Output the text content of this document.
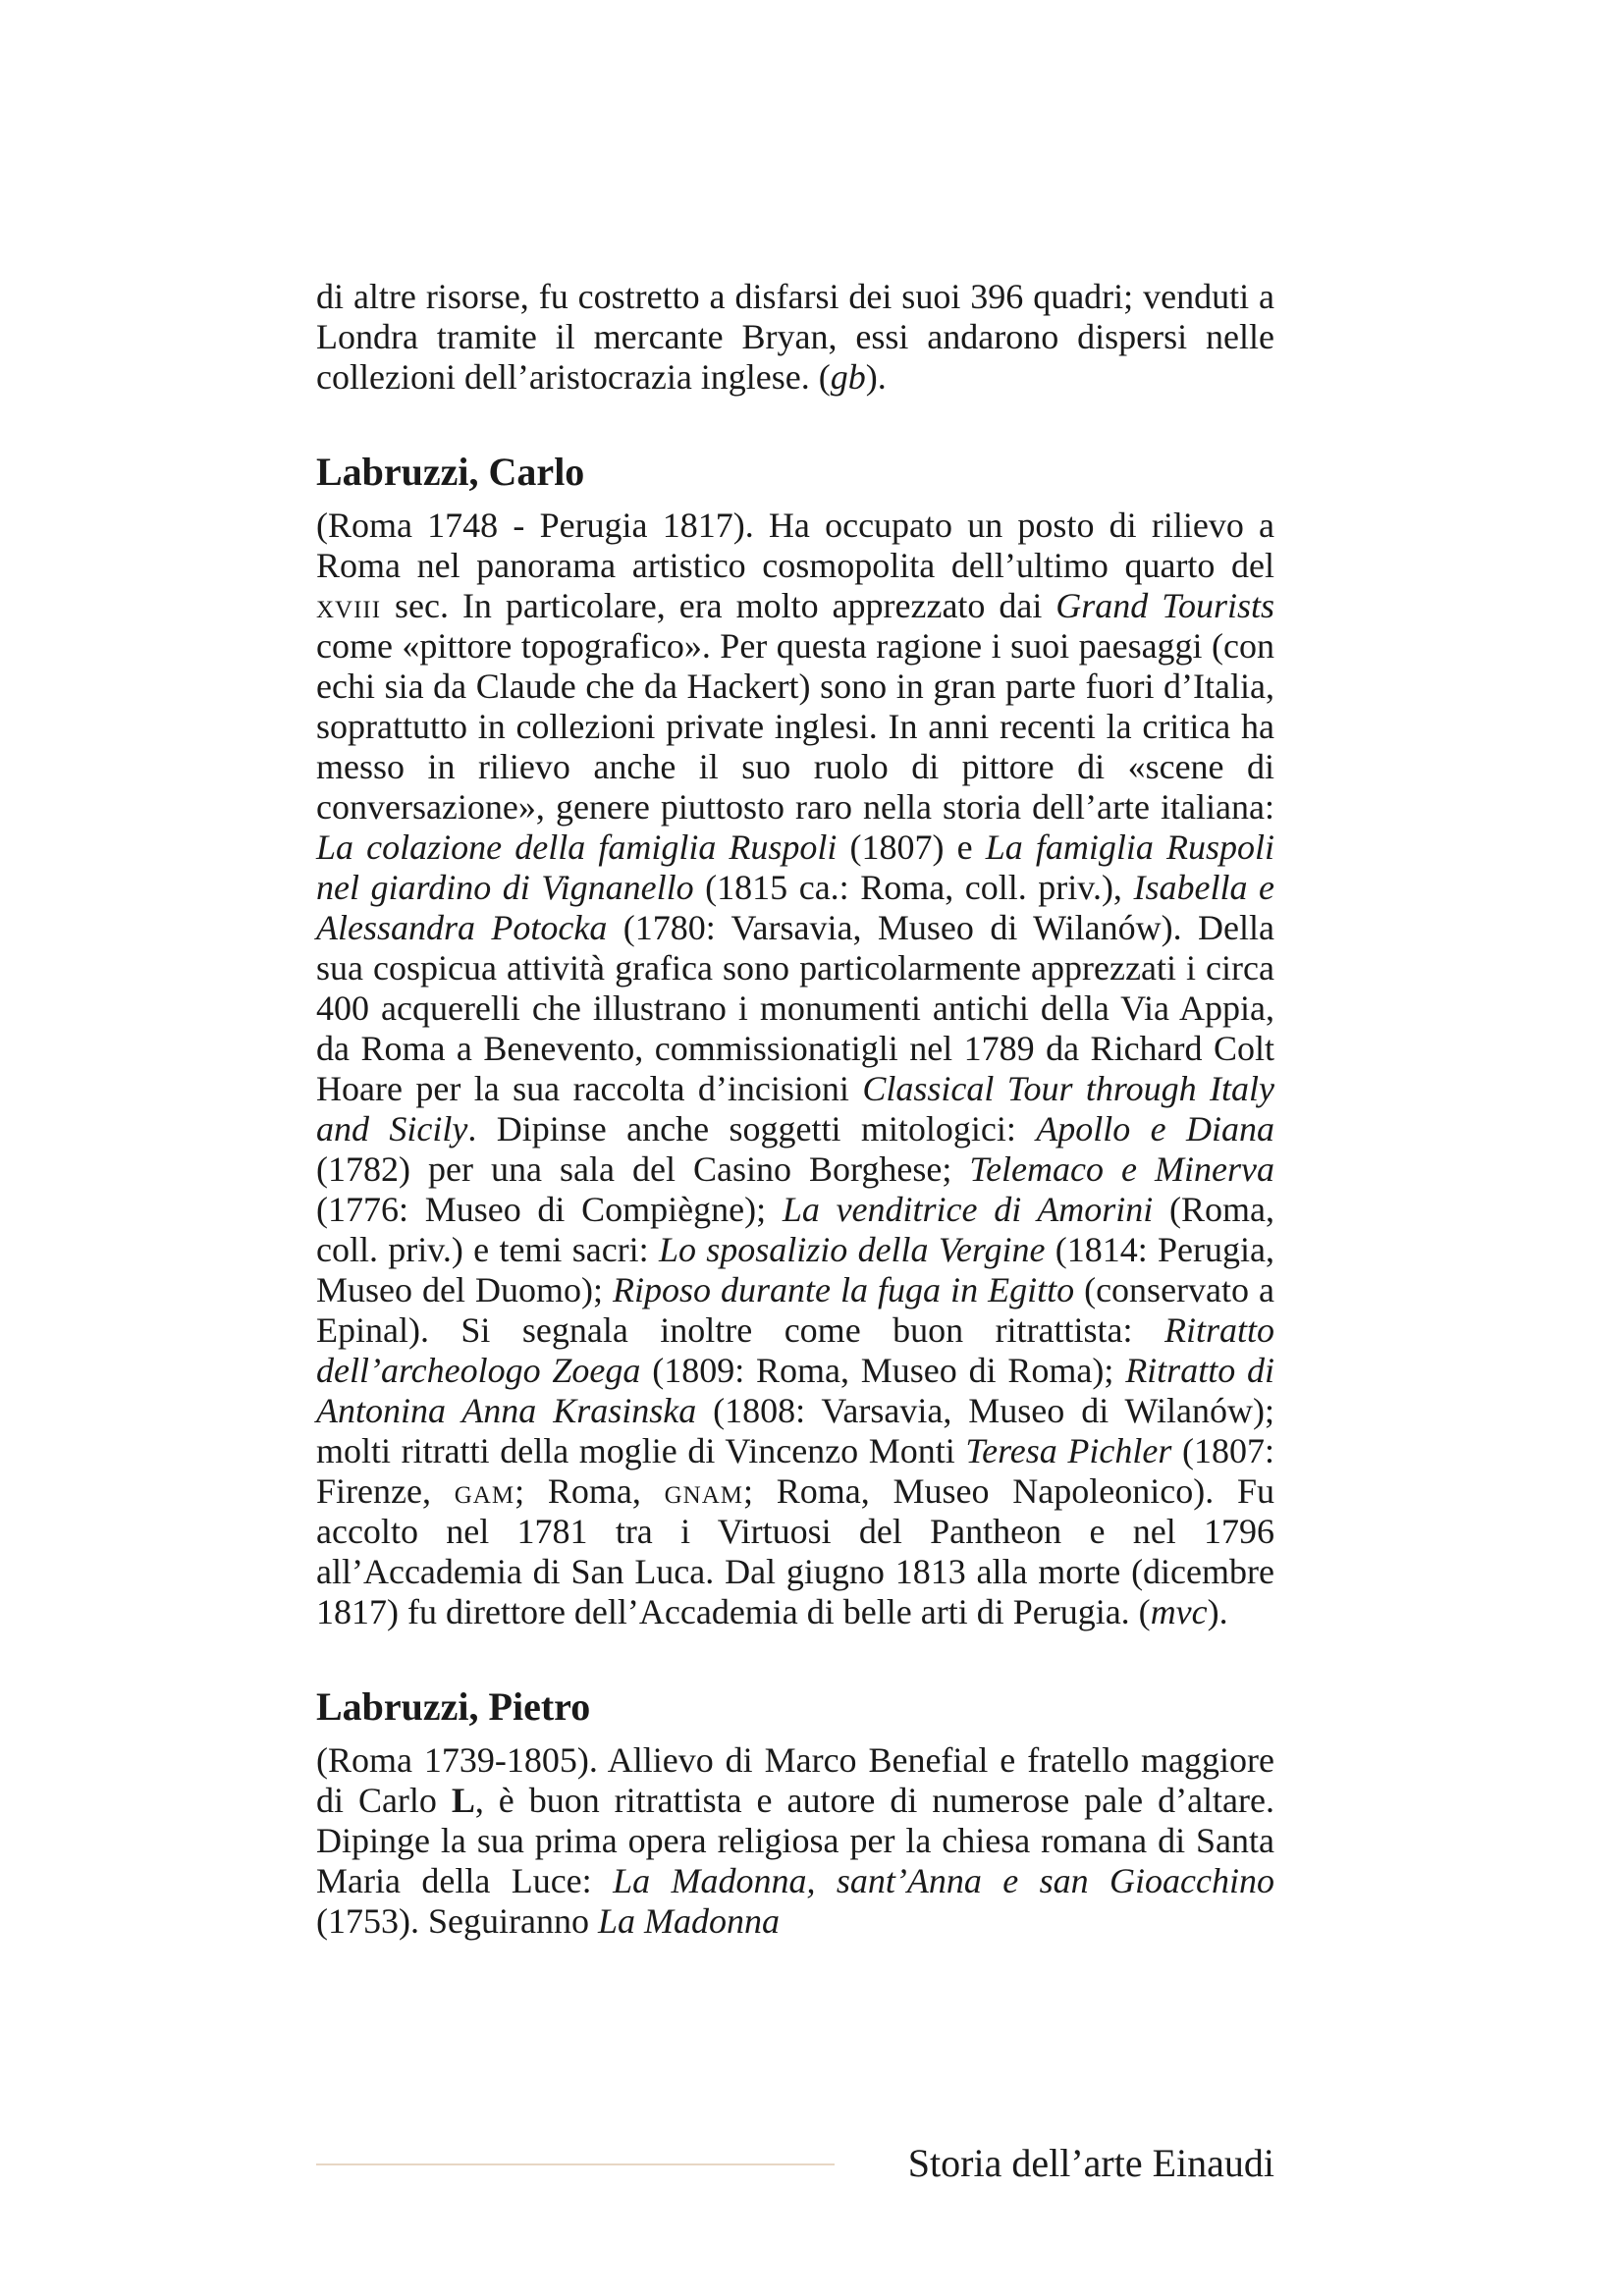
di altre risorse, fu costretto a disfarsi dei suoi 396 quadri; venduti a Londra tramite il mercante Bryan, essi andarono dispersi nelle collezioni dell’aristocrazia inglese. (gb).

Labruzzi, Carlo

(Roma 1748 - Perugia 1817). Ha occupato un posto di rilievo a Roma nel panorama artistico cosmopolita dell’ultimo quarto del xviii sec. In particolare, era molto apprezzato dai Grand Tourists come «pittore topografico». Per questa ragione i suoi paesaggi (con echi sia da Claude che da Hackert) sono in gran parte fuori d’Italia, soprattutto in collezioni private inglesi. In anni recenti la critica ha messo in rilievo anche il suo ruolo di pittore di «scene di conversazione», genere piuttosto raro nella storia dell’arte italiana: La colazione della famiglia Ruspoli (1807) e La famiglia Ruspoli nel giardino di Vignanello (1815 ca.: Roma, coll. priv.), Isabella e Alessandra Potocka (1780: Varsavia, Museo di Wilanów). Della sua cospicua attività grafica sono particolarmente apprezzati i circa 400 acquerelli che illustrano i monumenti antichi della Via Appia, da Roma a Benevento, commissionatigli nel 1789 da Richard Colt Hoare per la sua raccolta d’incisioni Classical Tour through Italy and Sicily. Dipinse anche soggetti mitologici: Apollo e Diana (1782) per una sala del Casino Borghese; Telemaco e Minerva (1776: Museo di Compiègne); La venditrice di Amorini (Roma, coll. priv.) e temi sacri: Lo sposalizio della Vergine (1814: Perugia, Museo del Duomo); Riposo durante la fuga in Egitto (conservato a Epinal). Si segnala inoltre come buon ritrattista: Ritratto dell’archeologo Zoega (1809: Roma, Museo di Roma); Ritratto di Antonina Anna Krasinska (1808: Varsavia, Museo di Wilanów); molti ritratti della moglie di Vincenzo Monti Teresa Pichler (1807: Firenze, gam; Roma, gnam; Roma, Museo Napoleonico). Fu accolto nel 1781 tra i Virtuosi del Pantheon e nel 1796 all’Accademia di San Luca. Dal giugno 1813 alla morte (dicembre 1817) fu direttore dell’Accademia di belle arti di Perugia. (mvc).

Labruzzi, Pietro

(Roma 1739-1805). Allievo di Marco Benefial e fratello maggiore di Carlo L, è buon ritrattista e autore di numerose pale d’altare. Dipinge la sua prima opera religiosa per la chiesa romana di Santa Maria della Luce: La Madonna, sant’Anna e san Gioacchino (1753). Seguiranno La Madonna

Storia dell’arte Einaudi
